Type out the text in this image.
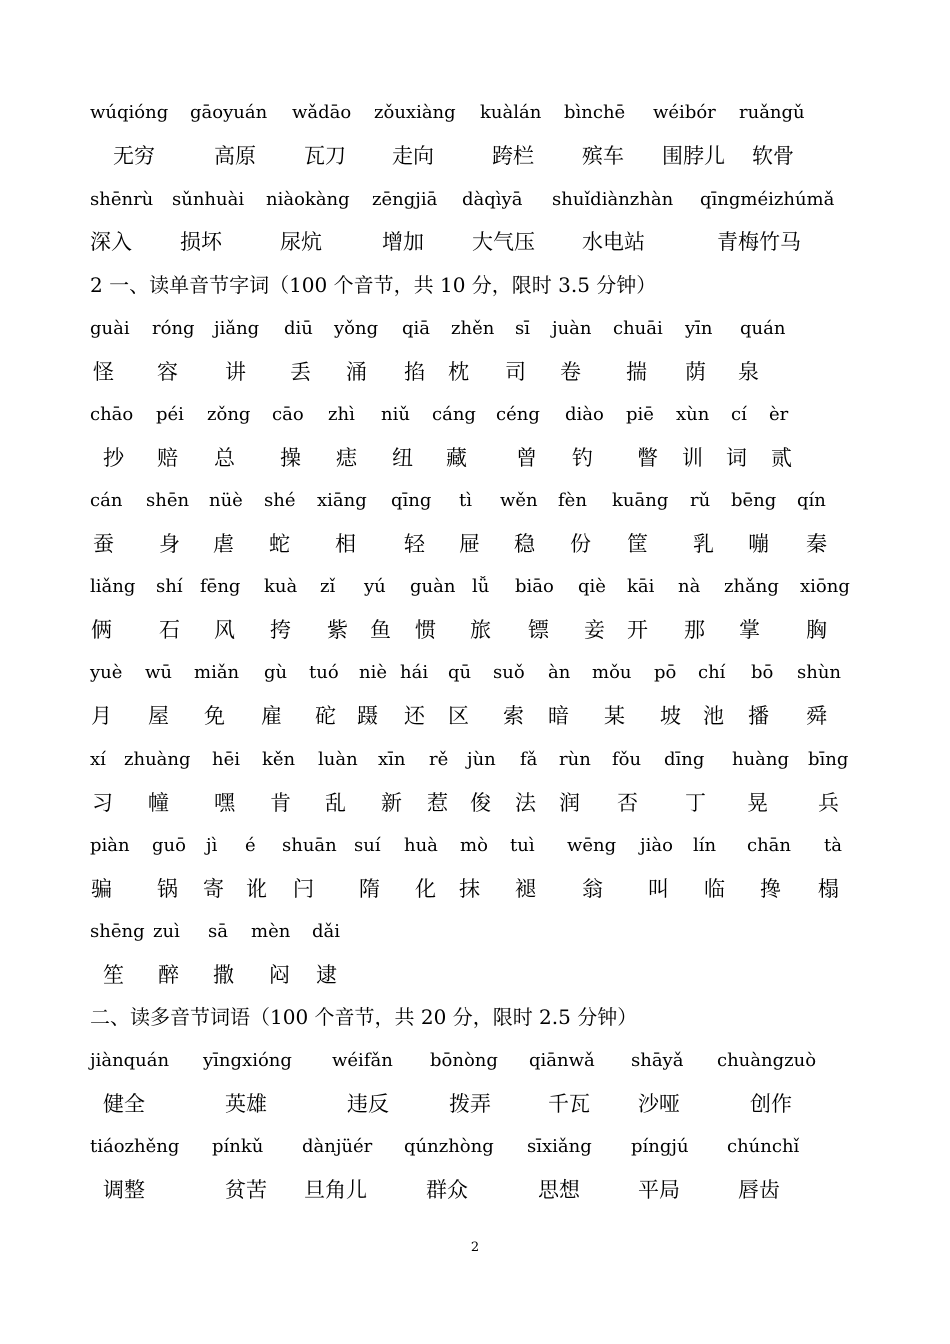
wúqióng gāoyuán wǎdāo zǒuxiàng kuàlán bìnchē wéibór ruǎngǔ
无穷	高原 瓦刀 走向	跨栏 殡车 围脖儿 软骨
shēnrù sǔnhuài niàokàng zēngjiā dàqìyā shuǐdiànzhàn qīngméizhúmǎ
深入 损坏	尿炕	增加 大气压 水电站	青梅竹马
guài róng jiǎng diū yǒng qiā zhěn sī juàn chuāi yīn quán
怪 容 讲 丢 涌 掐 枕 司 卷 揣 荫 泉
chāo péi zǒng cāo zhì niǔ cáng céng diào piē xùn cí èr
抄 赔 总 操 痣 纽 藏 曾 钓 瞥 训 词 贰
cán shēn nüè shé xiāng qīng tì wěn fèn kuāng rǔ bēng qín
蚕 身 虐 蛇 相 轻 屉 稳 份 筐 乳 嘣 秦
liǎng shí fēng kuà zǐ yú guàn lǚ biāo qiè kāi nà zhǎng xiōng
俩 石 风 挎 紫 鱼 惯 旅 镖 妾 开 那 掌 胸
yuè wū miǎn gù tuó niè hái qū suǒ àn mǒu pō chí bō shùn
月 屋 免 雇 砣 蹑 还 区 索 暗 某 坡 池 播 舜
xí zhuàng hēi kěn luàn xīn rě jùn fǎ rùn fǒu dīng huàng bīng
习 幢 嘿 肯 乱 新 惹 俊 法 润 否 丁 晃 兵
piàn guō jì é shuān suí huà mò tuì wēng jiào lín chān tà
骗 锅 寄 讹 闩 隋 化 抹 褪 翁 叫 临 搀 榻
shēng zuì sā mèn dǎi
笙 醉 撒 闷 逮
jiànquán yīngxióng wéifǎn bōnòng qiānwǎ shāyǎ chuàngzuò
健全	英雄	违反	拨弄	千瓦 沙哑	创作
tiáozhěng pínkǔ dànjüér qúnzhòng sīxiǎng píngjú chúnchǐ
调整	贫苦 旦角儿	群众	思想	平局	唇齿
2 一、读单音节字词（100 个音节，共 10 分，限时 3.5 分钟）
二、读多音节词语（100 个音节，共 20 分，限时 2.5 分钟）
2
